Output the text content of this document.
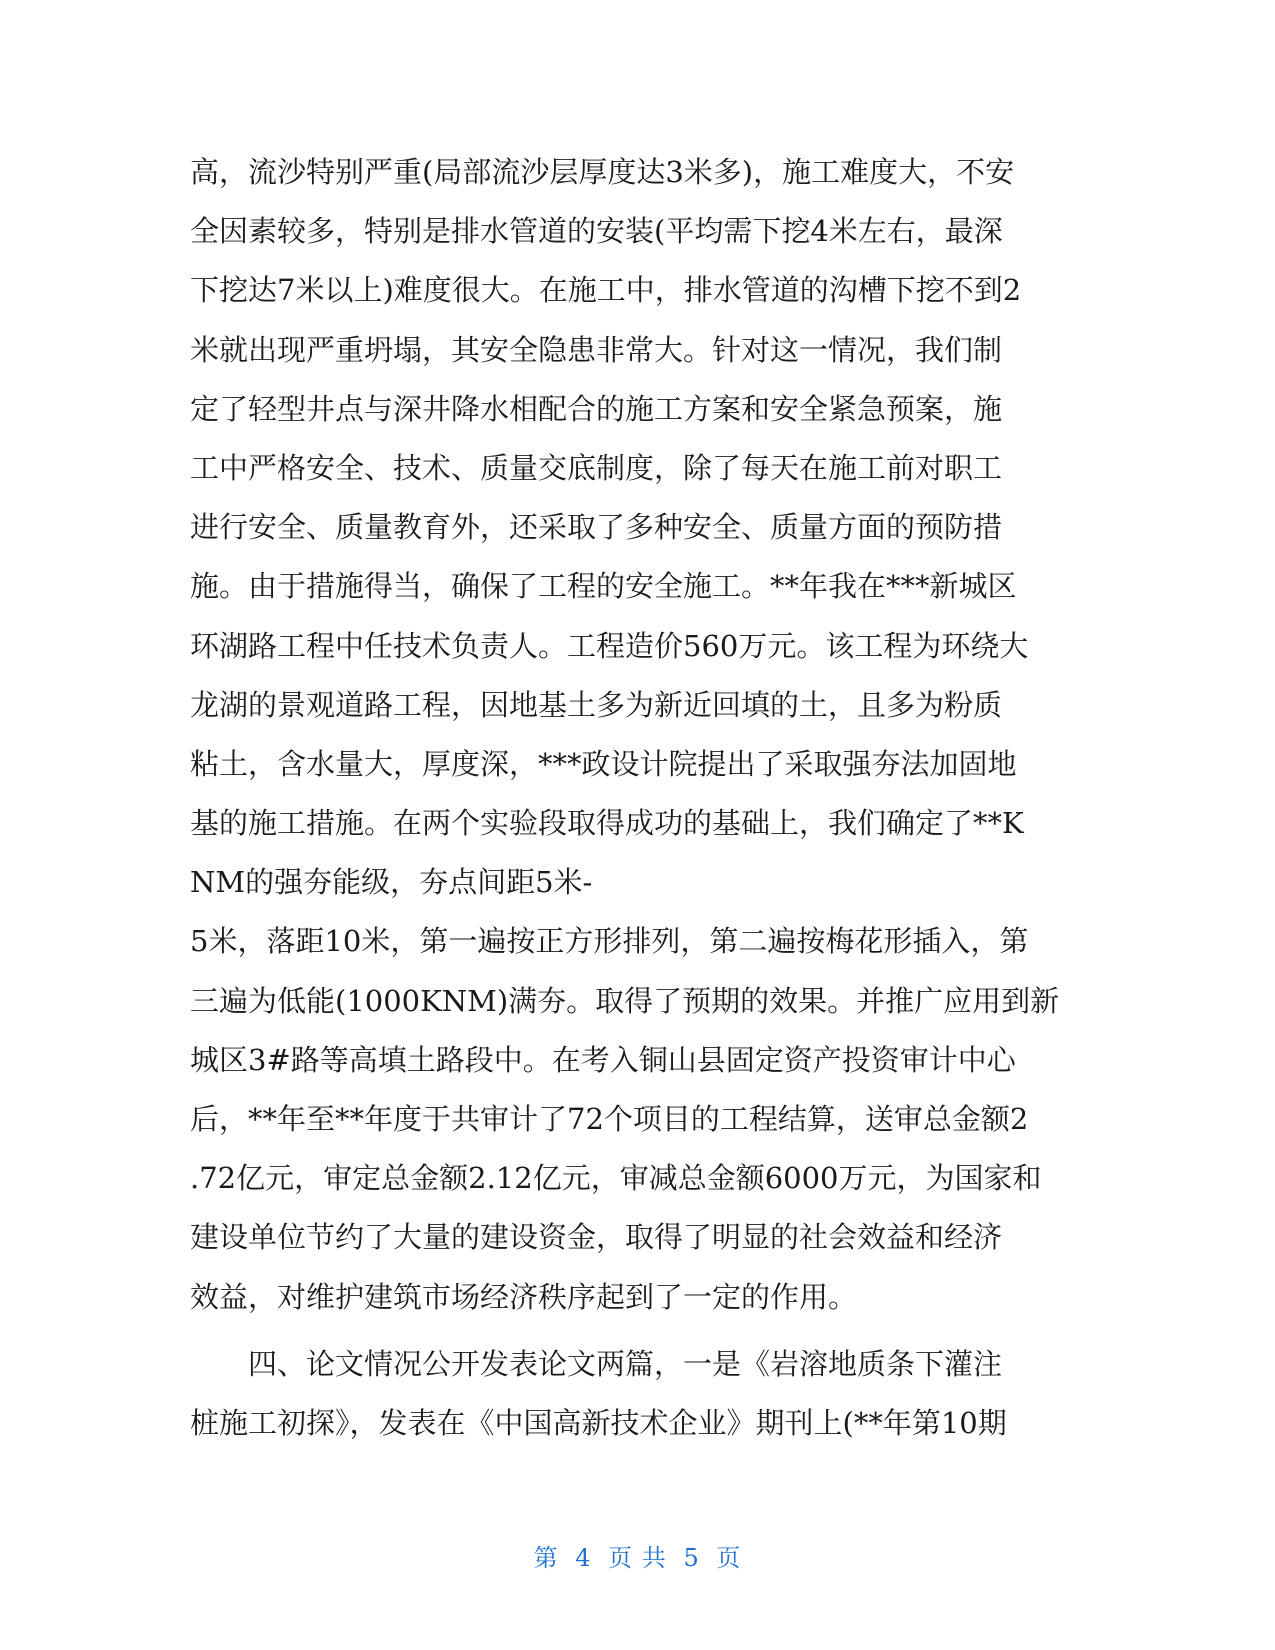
高，流沙特别严重(局部流沙层厚度达3米多)，施工难度大，不安
全因素较多，特别是排水管道的安装(平均需下挖4米左右，最深
下挖达7米以上)难度很大。在施工中，排水管道的沟槽下挖不到2
米就出现严重坍塌，其安全隐患非常大。针对这一情况，我们制
定了轻型井点与深井降水相配合的施工方案和安全紧急预案，施
工中严格安全、技术、质量交底制度，除了每天在施工前对职工
进行安全、质量教育外，还采取了多种安全、质量方面的预防措
施。由于措施得当，确保了工程的安全施工。**年我在***新城区
环湖路工程中任技术负责人。工程造价560万元。该工程为环绕大
龙湖的景观道路工程，因地基土多为新近回填的土，且多为粉质
粘土，含水量大，厚度深，***政设计院提出了采取强夯法加固地
基的施工措施。在两个实验段取得成功的基础上，我们确定了**K
NM的强夯能级，夯点间距5米-
5米，落距10米，第一遍按正方形排列，第二遍按梅花形插入，第
三遍为低能(1000KNM)满夯。取得了预期的效果。并推广应用到新
城区3#路等高填土路段中。在考入铜山县固定资产投资审计中心
后，**年至**年度于共审计了72个项目的工程结算，送审总金额2
.72亿元，审定总金额2.12亿元，审减总金额6000万元，为国家和
建设单位节约了大量的建设资金，取得了明显的社会效益和经济
效益，对维护建筑市场经济秩序起到了一定的作用。
四、论文情况公开发表论文两篇，一是《岩溶地质条下灌注
桩施工初探》，发表在《中国高新技术企业》期刊上(**年第10期
第 4 页 共 5 页
